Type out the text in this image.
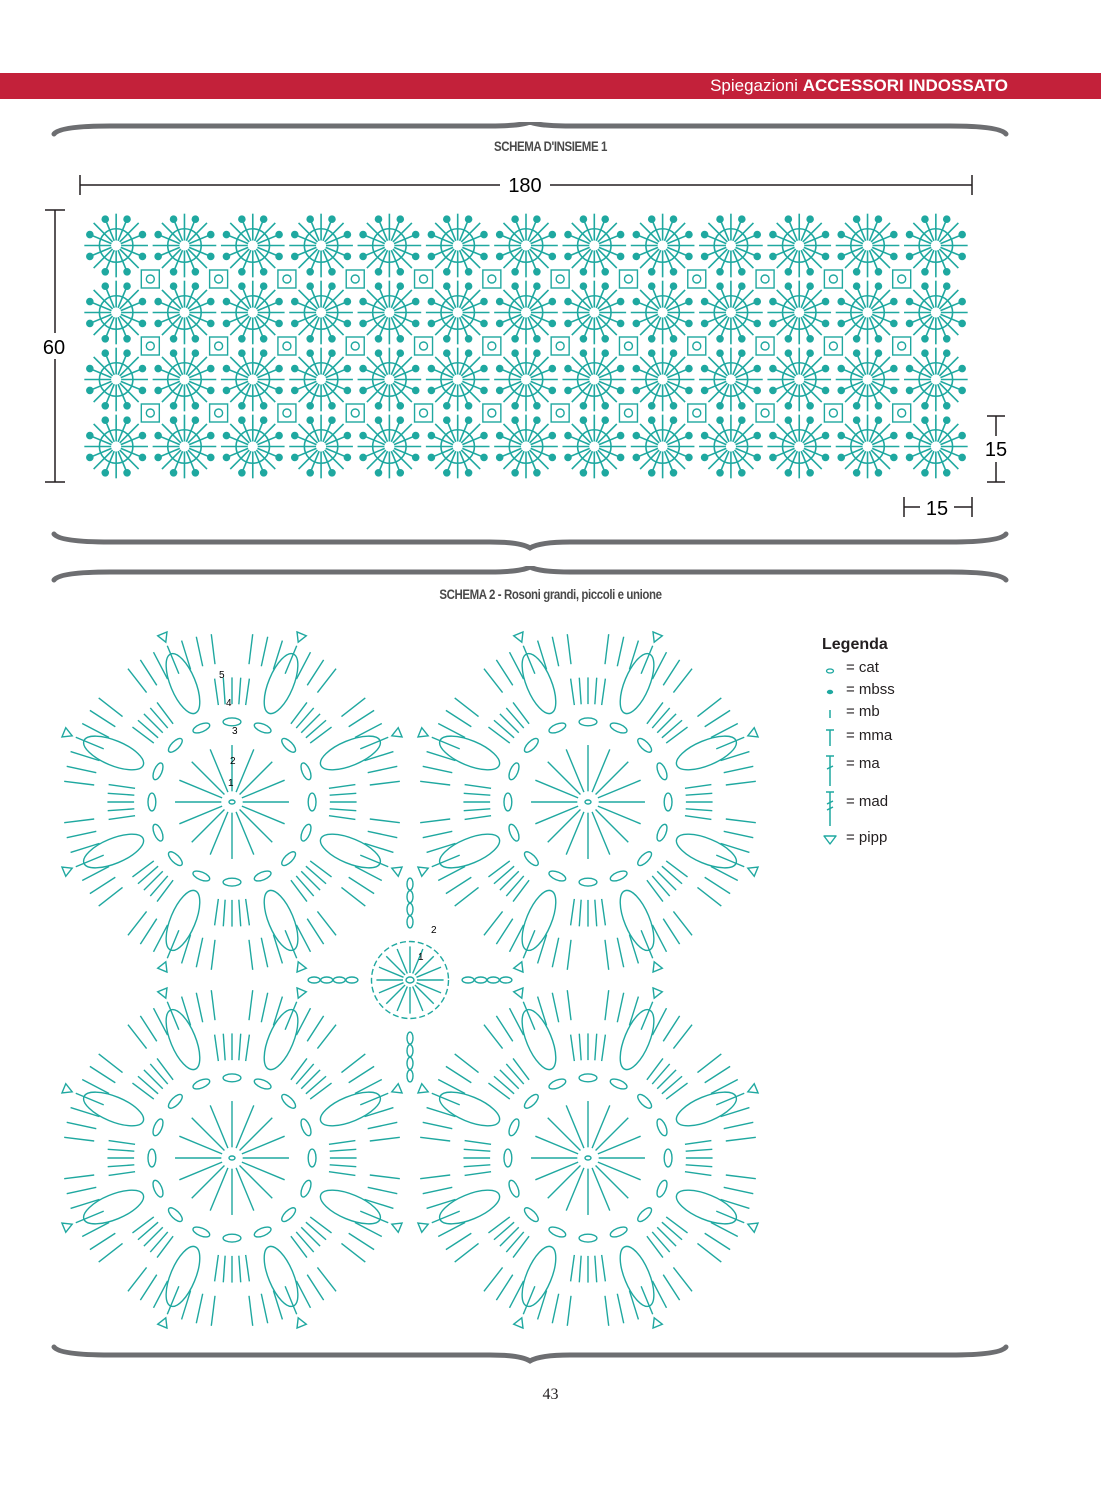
Spiegazioni ACCESSORI INDOSSATO
SCHEMA D'INSIEME 1
180
60
15
15
SCHEMA 2 - Rosoni grandi, piccoli e unione
5
4
3
2
1
2
1
Legenda
= cat
= mbss
= mb
= mma
= ma
= mad
= pipp
43
